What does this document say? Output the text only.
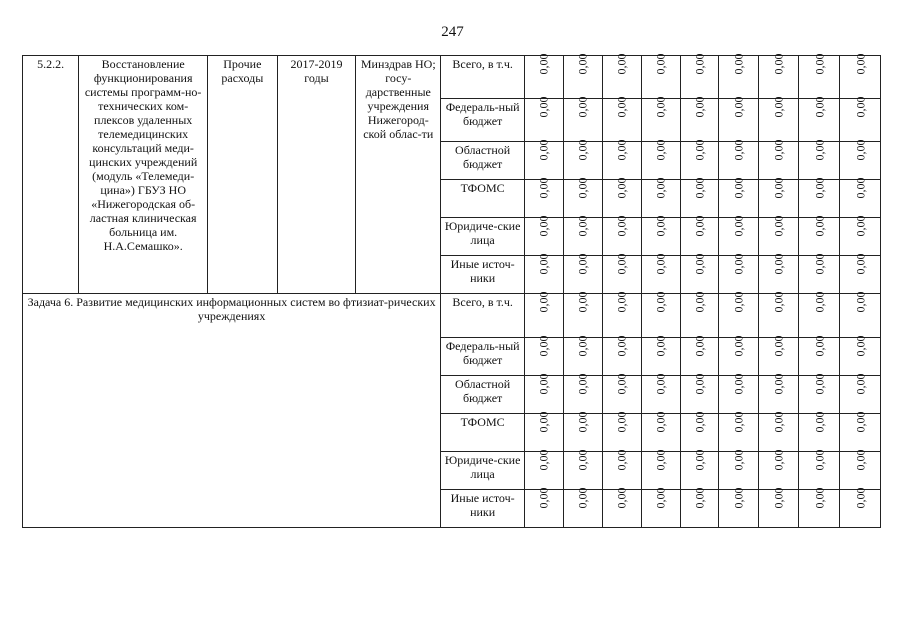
247
5.2.2.	Восстановление функционирования системы программ-но-технических ком-плексов удаленных телемедицинских консультаций меди-цинских учреждений (модуль «Телемеди-цина») ГБУЗ НО «Нижегородская об-ластная клиническая больница им. Н.А.Семашко».	Прочие расходы	2017-2019 годы	Минздрав НО; госу-дарственные учреждения Нижегород-ской облас-ти	Всего, в т.ч.	0,00	0,00	0,00	0,00	0,00	0,00	0,00	0,00	0,00
					Федераль-ный бюджет	0,00	0,00	0,00	0,00	0,00	0,00	0,00	0,00	0,00
					Областной бюджет	0,00	0,00	0,00	0,00	0,00	0,00	0,00	0,00	0,00
					ТФОМС	0,00	0,00	0,00	0,00	0,00	0,00	0,00	0,00	0,00
					Юридиче-ские лица	0,00	0,00	0,00	0,00	0,00	0,00	0,00	0,00	0,00
					Иные источ-ники	0,00	0,00	0,00	0,00	0,00	0,00	0,00	0,00	0,00
Задача 6. Развитие медицинских информационных систем во фтизиат-рических учреждениях					Всего, в т.ч.	0,00	0,00	0,00	0,00	0,00	0,00	0,00	0,00	0,00
					Федераль-ный бюджет	0,00	0,00	0,00	0,00	0,00	0,00	0,00	0,00	0,00
					Областной бюджет	0,00	0,00	0,00	0,00	0,00	0,00	0,00	0,00	0,00
					ТФОМС	0,00	0,00	0,00	0,00	0,00	0,00	0,00	0,00	0,00
					Юридиче-ские лица	0,00	0,00	0,00	0,00	0,00	0,00	0,00	0,00	0,00
					Иные источ-ники	0,00	0,00	0,00	0,00	0,00	0,00	0,00	0,00	0,00
